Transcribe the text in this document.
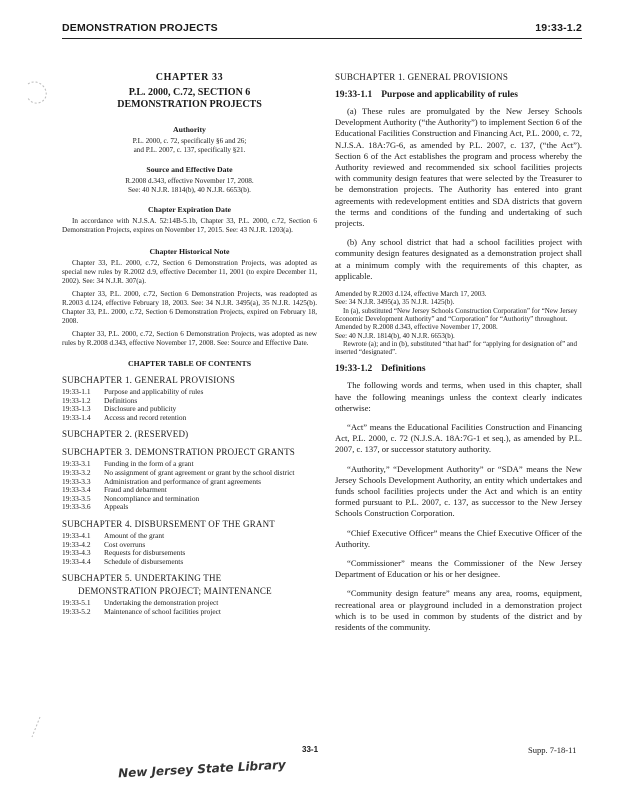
DEMONSTRATION PROJECTS	19:33-1.2

CHAPTER 33

P.L. 2000, C.72, SECTION 6
DEMONSTRATION PROJECTS

Authority

P.L. 2000, c. 72, specifically §6 and 26;

and P.L. 2007, c. 137, specifically §21.

Source and Effective Date

R.2008 d.343, effective November 17, 2008.

See: 40 N.J.R. 1814(b), 40 N.J.R. 6653(b).

Chapter Expiration Date

In accordance with N.J.S.A. 52:14B-5.1b, Chapter 33, P.L. 2000, c.72, Section 6 Demonstration Projects, expires on November 17, 2015. See: 43 N.J.R. 1203(a).

Chapter Historical Note

Chapter 33, P.L. 2000, c.72, Section 6 Demonstration Projects, was adopted as special new rules by R.2002 d.9, effective December 11, 2001 (to expire December 11, 2002). See: 34 N.J.R. 307(a).

Chapter 33, P.L. 2000, c.72, Section 6 Demonstration Projects, was readopted as R.2003 d.124, effective February 18, 2003. See: 34 N.J.R. 3495(a), 35 N.J.R. 1425(b). Chapter 33, P.L. 2000, c.72, Section 6 Demonstration Projects, expired on February 18, 2008.

Chapter 33, P.L. 2000, c.72, Section 6 Demonstration Projects, was adopted as new rules by R.2008 d.343, effective November 17, 2008. See: Source and Effective Date.

CHAPTER TABLE OF CONTENTS

SUBCHAPTER 1. GENERAL PROVISIONS

19:33-1.1	Purpose and applicability of rules
19:33-1.2	Definitions
19:33-1.3	Disclosure and publicity
19:33-1.4	Access and record retention

SUBCHAPTER 2. (RESERVED)

SUBCHAPTER 3. DEMONSTRATION PROJECT GRANTS

19:33-3.1	Funding in the form of a grant
19:33-3.2	No assignment of grant agreement or grant by the school district
19:33-3.3	Administration and performance of grant agreements
19:33-3.4	Fraud and debarment
19:33-3.5	Noncompliance and termination
19:33-3.6	Appeals

SUBCHAPTER 4. DISBURSEMENT OF THE GRANT

19:33-4.1	Amount of the grant
19:33-4.2	Cost overruns
19:33-4.3	Requests for disbursements
19:33-4.4	Schedule of disbursements

SUBCHAPTER 5. UNDERTAKING THE

DEMONSTRATION PROJECT; MAINTENANCE

19:33-5.1	Undertaking the demonstration project
19:33-5.2	Maintenance of school facilities project

SUBCHAPTER 1. GENERAL PROVISIONS

19:33-1.1 Purpose and applicability of rules

(a) These rules are promulgated by the New Jersey Schools Development Authority (“the Authority”) to implement Section 6 of the Educational Facilities Construction and Financing Act, P.L. 2000, c. 72, N.J.S.A. 18A:7G-6, as amended by P.L. 2007, c. 137, (“the Act”). Section 6 of the Act establishes the program and process whereby the Authority reviewed and recommended six school facilities projects with community design features that were selected by the Treasurer to be demonstration projects. The Authority has entered into grant agreements with redevelopment entities and SDA districts that govern the terms and conditions of the funding and undertaking of such projects.

(b) Any school district that had a school facilities project with community design features designated as a demonstration project shall at a minimum comply with the requirements of this chapter, as applicable.

Amended by R.2003 d.124, effective March 17, 2003.

See: 34 N.J.R. 3495(a), 35 N.J.R. 1425(b).

In (a), substituted “New Jersey Schools Construction Corporation” for “New Jersey Economic Development Authority” and “Corporation” for “Authority” throughout.

Amended by R.2008 d.343, effective November 17, 2008.

See: 40 N.J.R. 1814(b), 40 N.J.R. 6653(b).

Rewrote (a); and in (b), substituted “that had” for “applying for designation of” and inserted “designated”.

19:33-1.2 Definitions

The following words and terms, when used in this chapter, shall have the following meanings unless the context clearly indicates otherwise:

“Act” means the Educational Facilities Construction and Financing Act, P.L. 2000, c. 72 (N.J.S.A. 18A:7G-1 et seq.), as amended by P.L. 2007, c. 137, or successor statutory authority.

“Authority,” “Development Authority” or “SDA” means the New Jersey Schools Development Authority, an entity which undertakes and funds school facilities projects under the Act and which is an entity formed pursuant to P.L. 2007, c. 137, as successor to the New Jersey Schools Construction Corporation.

“Chief Executive Officer” means the Chief Executive Officer of the Authority.

“Commissioner” means the Commissioner of the New Jersey Department of Education or his or her designee.

“Community design feature” means any area, rooms, equipment, recreational area or playground included in a demonstration project which is to be used in common by students of the district and by residents of the community.

33-1	Supp. 7-18-11
New Jersey State Library
